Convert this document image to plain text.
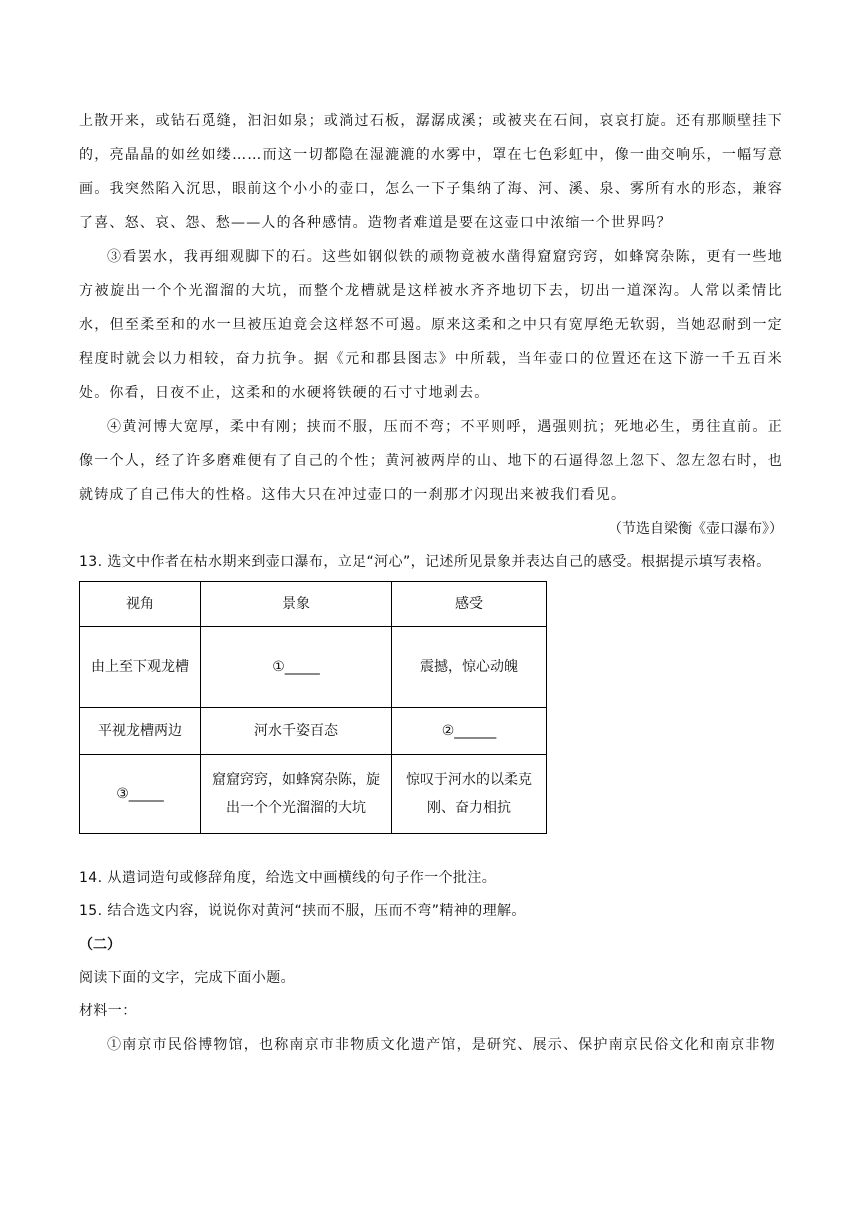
上散开来，或钻石觅缝，汩汩如泉；或淌过石板，潺潺成溪；或被夹在石间，哀哀打旋。还有那顺壁挂下的，亮晶晶的如丝如缕……而这一切都隐在湿漉漉的水雾中，罩在七色彩虹中，像一曲交响乐，一幅写意画。我突然陷入沉思，眼前这个小小的壶口，怎么一下子集纳了海、河、溪、泉、雾所有水的形态，兼容了喜、怒、哀、怨、愁——人的各种感情。造物者难道是要在这壶口中浓缩一个世界吗？

③看罢水，我再细观脚下的石。这些如钢似铁的顽物竟被水凿得窟窟窍窍，如蜂窝杂陈，更有一些地方被旋出一个个光溜溜的大坑，而整个龙槽就是这样被水齐齐地切下去，切出一道深沟。人常以柔情比水，但至柔至和的水一旦被压迫竟会这样怒不可遏。原来这柔和之中只有宽厚绝无软弱，当她忍耐到一定程度时就会以力相较，奋力抗争。据《元和郡县图志》中所载，当年壶口的位置还在这下游一千五百米处。你看，日夜不止，这柔和的水硬将铁硬的石寸寸地剥去。

④黄河博大宽厚，柔中有刚；挟而不服，压而不弯；不平则呼，遇强则抗；死地必生，勇往直前。正像一个人，经了许多磨难便有了自己的个性；黄河被两岸的山、地下的石逼得忽上忽下、忽左忽右时，也就铸成了自己伟大的性格。这伟大只在冲过壶口的一刹那才闪现出来被我们看见。

（节选自梁衡《壶口瀑布》）

13. 选文中作者在枯水期来到壶口瀑布，立足“河心”，记述所见景象并表达自己的感受。根据提示填写表格。

视角	景象	感受
由上至下观龙槽	①_____	震撼，惊心动魄
平视龙槽两边	河水千姿百态	②______
③_____	窟窟窍窍，如蜂窝杂陈，旋出一个个光溜溜的大坑	惊叹于河水的以柔克刚、奋力相抗

14. 从遣词造句或修辞角度，给选文中画横线的句子作一个批注。

15. 结合选文内容，说说你对黄河“挟而不服，压而不弯”精神的理解。

（二）

阅读下面的文字，完成下面小题。

材料一：

①南京市民俗博物馆，也称南京市非物质文化遗产馆，是研究、展示、保护南京民俗文化和南京非物
